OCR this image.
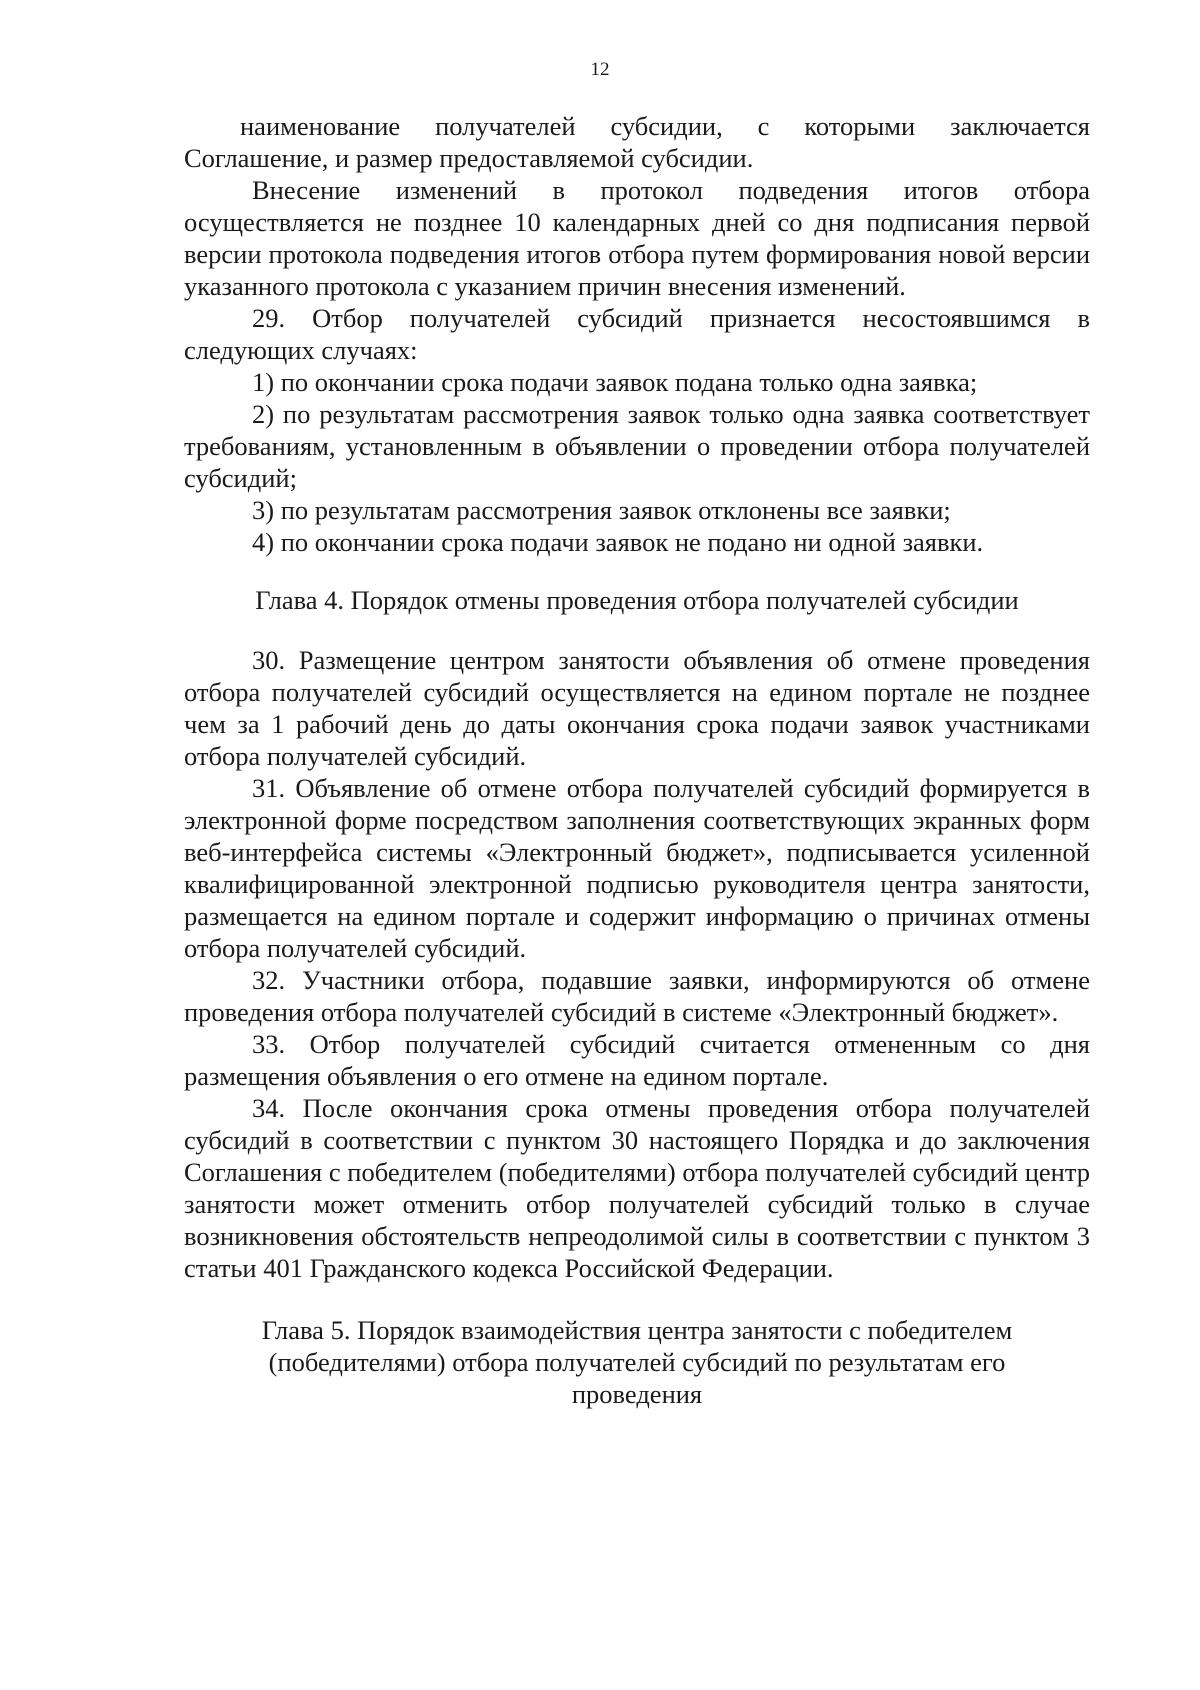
12

наименование получателей субсидии, с которыми заключается Соглашение, и размер предоставляемой субсидии.

Внесение изменений в протокол подведения итогов отбора осуществляется не позднее 10 календарных дней со дня подписания первой версии протокола подведения итогов отбора путем формирования новой версии указанного протокола с указанием причин внесения изменений.

29. Отбор получателей субсидий признается несостоявшимся в следующих случаях:

1) по окончании срока подачи заявок подана только одна заявка;

2) по результатам рассмотрения заявок только одна заявка соответствует требованиям, установленным в объявлении о проведении отбора получателей субсидий;

3) по результатам рассмотрения заявок отклонены все заявки;

4) по окончании срока подачи заявок не подано ни одной заявки.

Глава 4. Порядок отмены проведения отбора получателей субсидии

30. Размещение центром занятости объявления об отмене проведения отбора получателей субсидий осуществляется на едином портале не позднее чем за 1 рабочий день до даты окончания срока подачи заявок участниками отбора получателей субсидий.

31. Объявление об отмене отбора получателей субсидий формируется в электронной форме посредством заполнения соответствующих экранных форм веб-интерфейса системы «Электронный бюджет», подписывается усиленной квалифицированной электронной подписью руководителя центра занятости, размещается на едином портале и содержит информацию о причинах отмены отбора получателей субсидий.

32. Участники отбора, подавшие заявки, информируются об отмене проведения отбора получателей субсидий в системе «Электронный бюджет».

33. Отбор получателей субсидий считается отмененным со дня размещения объявления о его отмене на едином портале.

34. После окончания срока отмены проведения отбора получателей субсидий в соответствии с пунктом 30 настоящего Порядка и до заключения Соглашения с победителем (победителями) отбора получателей субсидий центр занятости может отменить отбор получателей субсидий только в случае возникновения обстоятельств непреодолимой силы в соответствии с пунктом 3 статьи 401 Гражданского кодекса Российской Федерации.

Глава 5. Порядок взаимодействия центра занятости с победителем (победителями) отбора получателей субсидий по результатам его проведения
